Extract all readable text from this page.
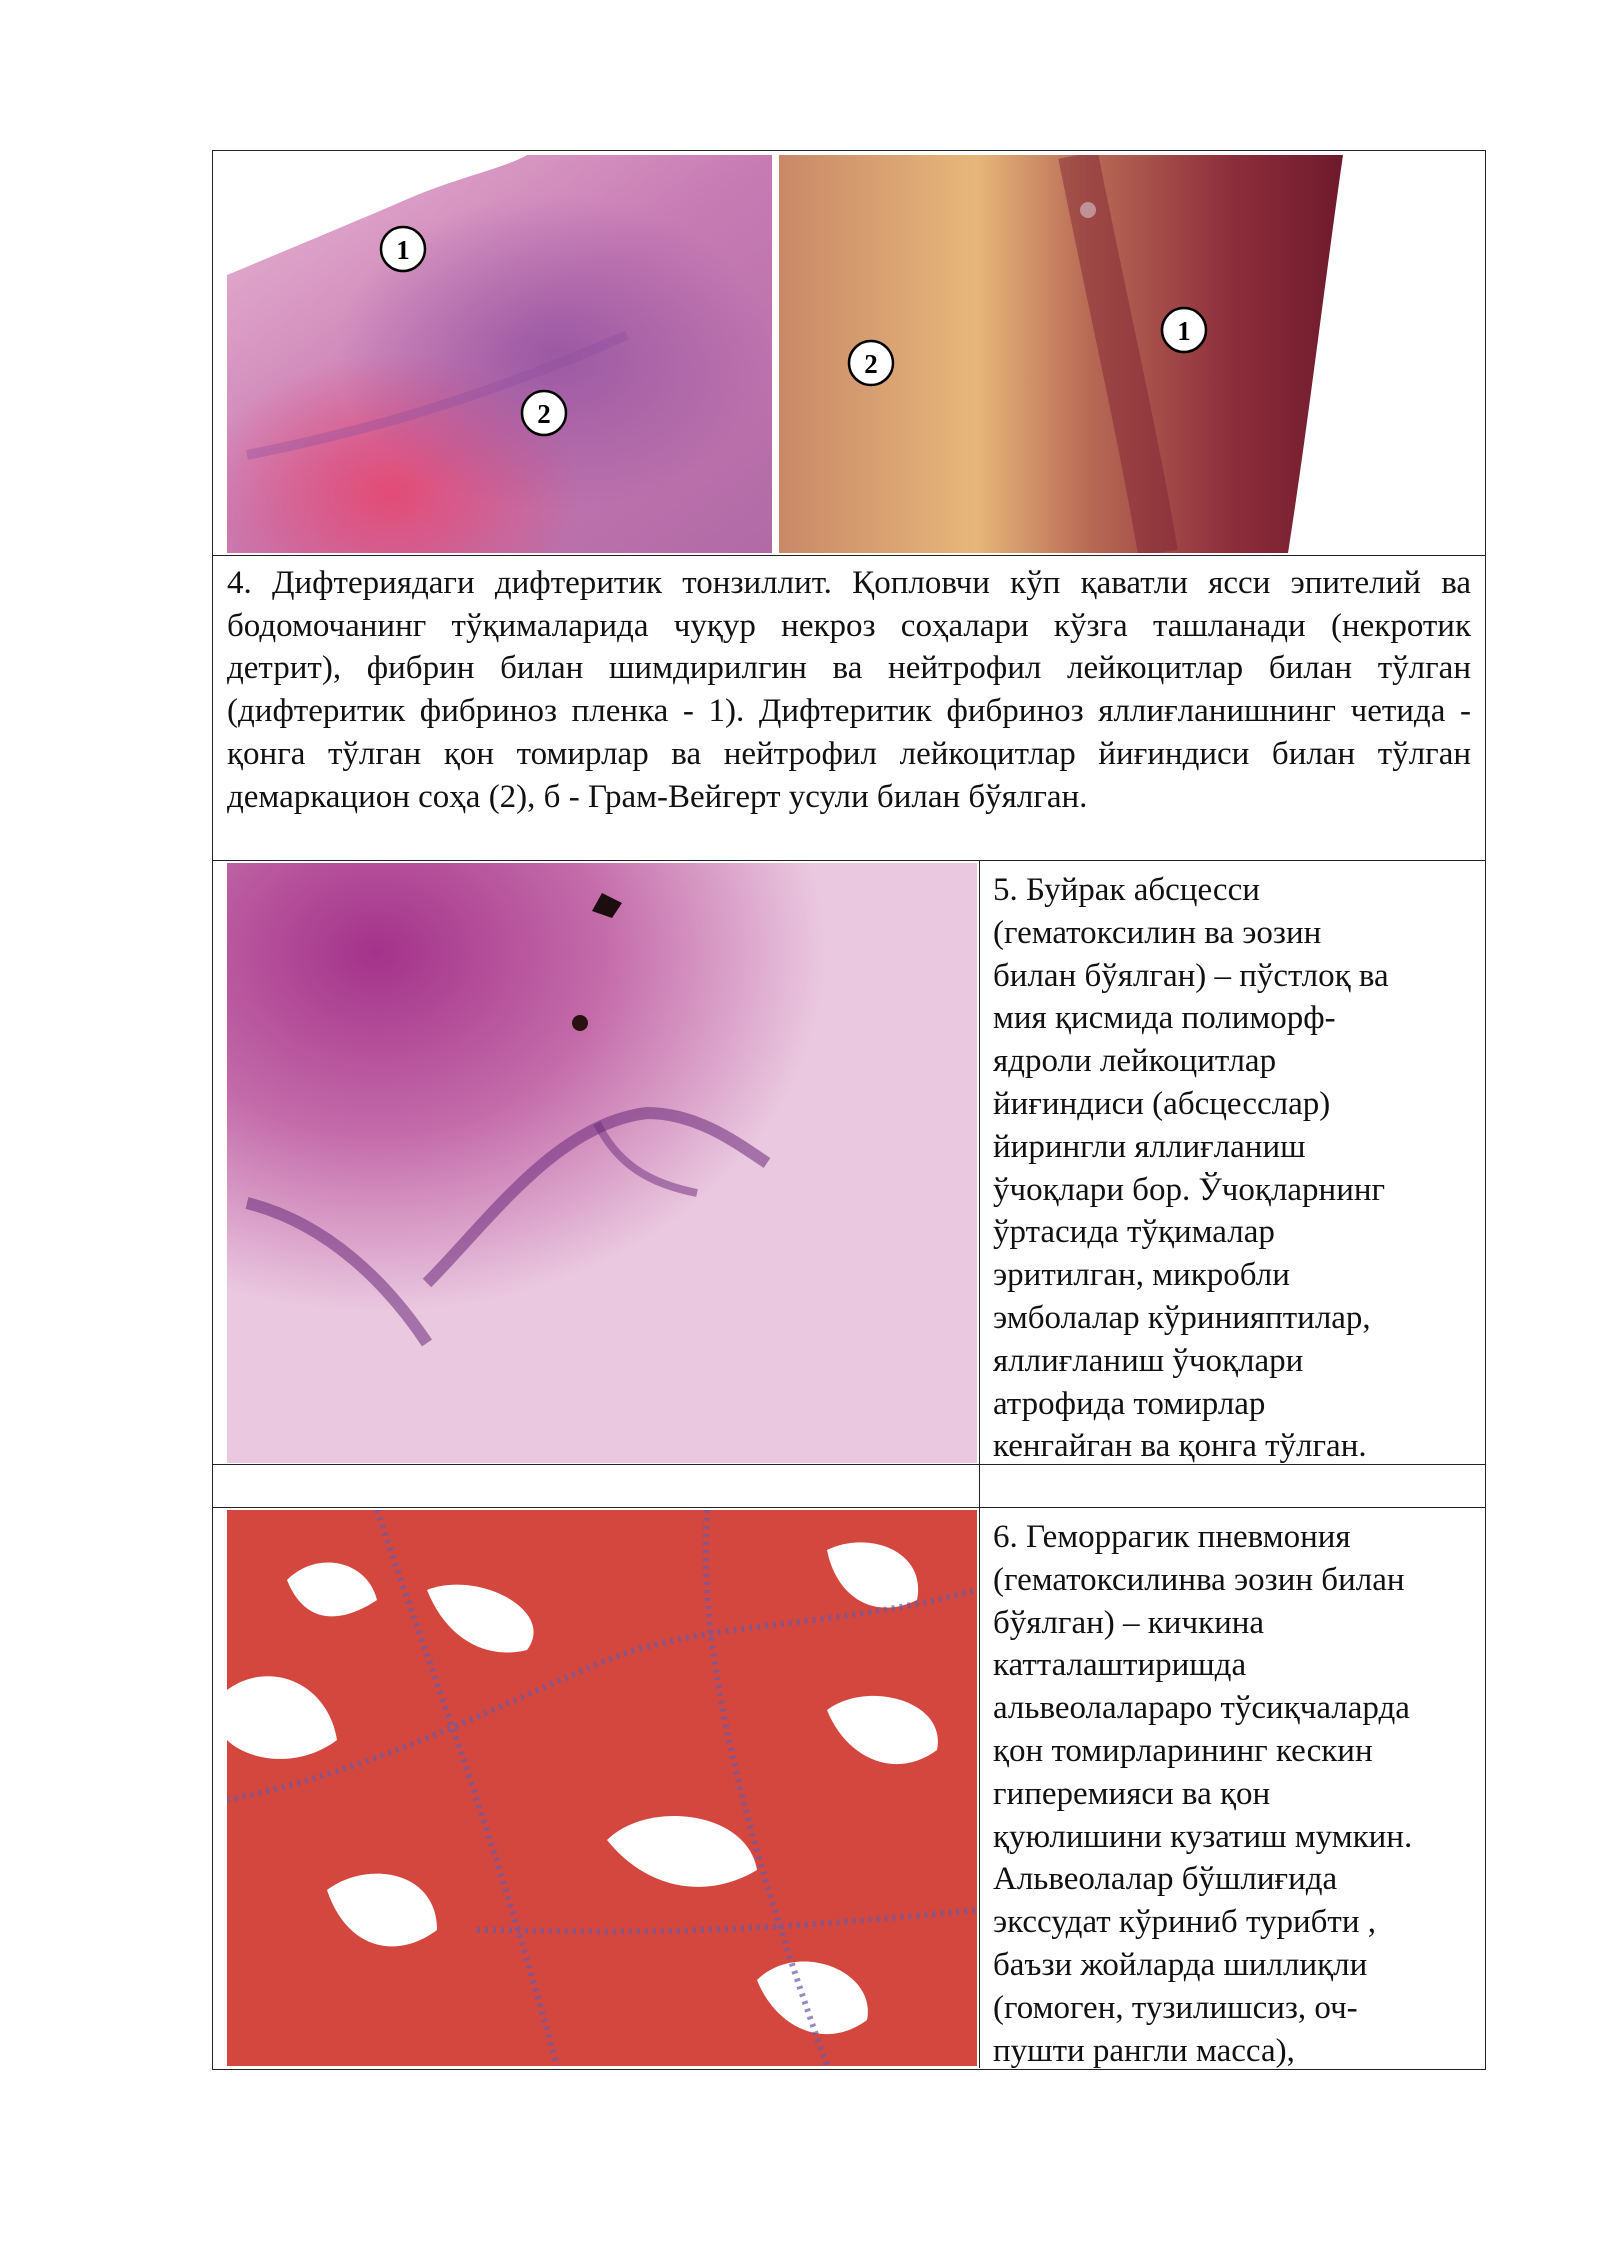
1
2
2
1
4. Дифтериядаги дифтеритик тонзиллит. Қопловчи кўп қаватли ясси эпителий ва бодомочанинг тўқималарида чуқур некроз соҳалари кўзга ташланади (некротик детрит), фибрин билан шимдирилгин ва нейтрофил лейкоцитлар билан тўлган (дифтеритик фибриноз пленка - 1). Дифтеритик фибриноз яллиғланишнинг четида - қонга тўлган қон томирлар ва нейтрофил лейкоцитлар йиғиндиси билан тўлган демаркацион соҳа (2), б - Грам-Вейгерт усули билан бўялган.
5. Буйрак абсцесси
(гематоксилин ва эозин
билан бўялган) – пўстлоқ ва
мия қисмида полиморф-
ядроли лейкоцитлар
йиғиндиси (абсцесслар)
йирингли яллиғланиш
ўчоқлари бор. Ўчоқларнинг
ўртасида тўқималар
эритилган, микробли
эмболалар кўринияптилар,
яллиғланиш ўчоқлари
атрофида томирлар
кенгайган ва қонга тўлган.
6. Геморрагик пневмония
(гематоксилинва эозин билан
бўялган) – кичкина
катталаштиришда
альвеолалараро тўсиқчаларда
қон томирларининг кескин
гиперемияси ва қон
қуюлишини кузатиш мумкин.
Альвеолалар бўшлиғида
экссудат кўриниб турибти ,
баъзи жойларда шиллиқли
(гомоген, тузилишсиз, оч-
пушти рангли масса),
